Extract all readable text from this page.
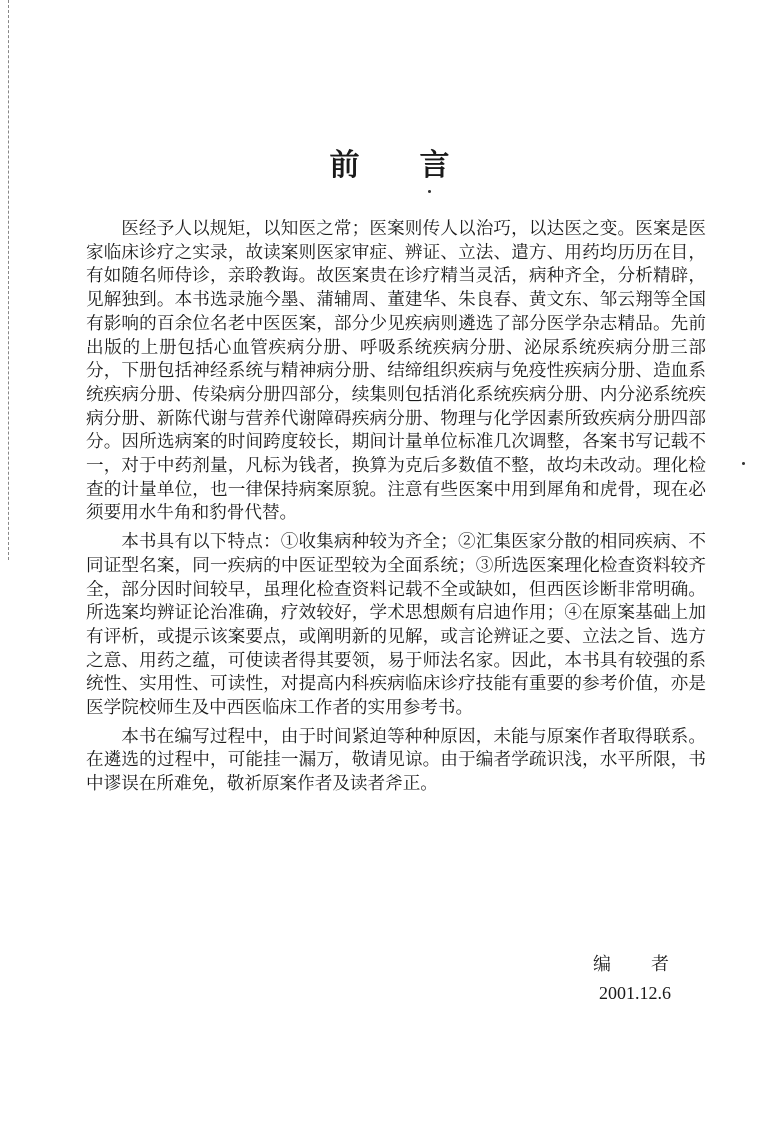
前 言

医经予人以规矩，以知医之常；医案则传人以治巧，以达医之变。医案是医家临床诊疗之实录，故读案则医家审症、辨证、立法、遣方、用药均历历在目，有如随名师侍诊，亲聆教诲。故医案贵在诊疗精当灵活，病种齐全，分析精辟，见解独到。本书选录施今墨、蒲辅周、董建华、朱良春、黄文东、邹云翔等全国有影响的百余位名老中医医案，部分少见疾病则遴选了部分医学杂志精品。先前出版的上册包括心血管疾病分册、呼吸系统疾病分册、泌尿系统疾病分册三部分，下册包括神经系统与精神病分册、结缔组织疾病与免疫性疾病分册、造血系统疾病分册、传染病分册四部分，续集则包括消化系统疾病分册、内分泌系统疾病分册、新陈代谢与营养代谢障碍疾病分册、物理与化学因素所致疾病分册四部分。因所选病案的时间跨度较长，期间计量单位标准几次调整，各案书写记载不一，对于中药剂量，凡标为钱者，换算为克后多数值不整，故均未改动。理化检查的计量单位，也一律保持病案原貌。注意有些医案中用到犀角和虎骨，现在必须要用水牛角和豹骨代替。

本书具有以下特点：①收集病种较为齐全；②汇集医家分散的相同疾病、不同证型名案，同一疾病的中医证型较为全面系统；③所选医案理化检查资料较齐全，部分因时间较早，虽理化检查资料记载不全或缺如，但西医诊断非常明确。所选案均辨证论治准确，疗效较好，学术思想颇有启迪作用；④在原案基础上加有评析，或提示该案要点，或阐明新的见解，或言论辨证之要、立法之旨、选方之意、用药之蕴，可使读者得其要领，易于师法名家。因此，本书具有较强的系统性、实用性、可读性，对提高内科疾病临床诊疗技能有重要的参考价值，亦是医学院校师生及中西医临床工作者的实用参考书。

本书在编写过程中，由于时间紧迫等种种原因，未能与原案作者取得联系。在遴选的过程中，可能挂一漏万，敬请见谅。由于编者学疏识浅，水平所限，书中谬误在所难免，敬祈原案作者及读者斧正。

编者
2001.12.6
